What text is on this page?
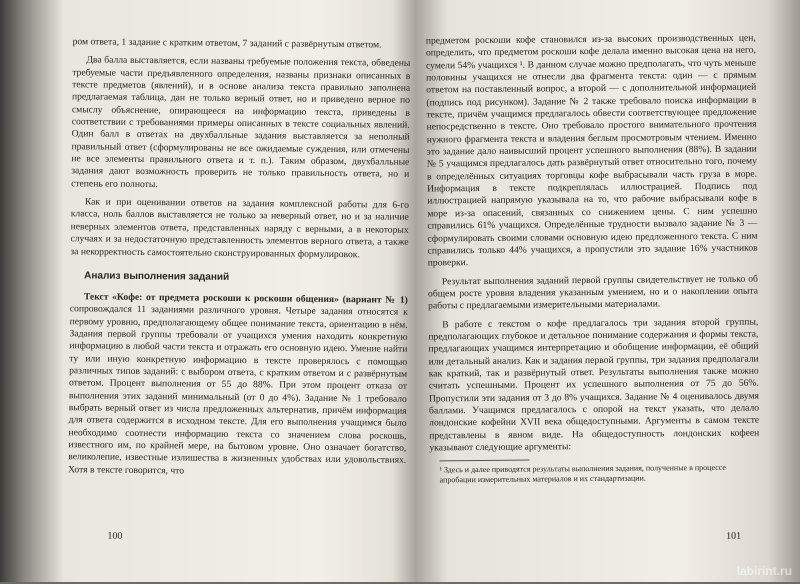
ром ответа, 1 задание с кратким ответом, 7 заданий с развёрнутым ответом.

Два балла выставляется, если названы требуемые положения текста, обведены требуемые части предъявленного определения, названы признаки описанных в тексте предметов (явлений), и в основе анализа текста правильно заполнена предлагаемая таблица, дан не только верный ответ, но и приведено верное по смыслу объяснение, опирающееся на информацию текста, приведены в соответствии с требованиями примеры описанных в тексте социальных явлений. Один балл в ответах на двухбалльные задания выставляется за неполный правильный ответ (сформулированы не все ожидаемые суждения, или отмечены не все элементы правильного ответа и т. п.). Таким образом, двухбалльные задания дают возможность проверить не только правильность ответа, но и степень его полноты.

Как и при оценивании ответов на задания комплексной работы для 6-го класса, ноль баллов выставляется не только за неверный ответ, но и за наличие неверных элементов ответа, представленных наряду с верными, а в некоторых случаях и за недостаточную представленность элементов верного ответа, а также за некорректность самостоятельно сконструированных формулировок.

Анализ выполнения заданий

Текст «Кофе: от предмета роскоши к роскоши общения» (вариант № 1) сопровождался 11 заданиями различного уровня. Четыре задания относятся к первому уровню, предполагающему общее понимание текста, ориентацию в нём. Задания первой группы требовали от учащихся умения находить конкретную информацию в любой части текста и отражать его основную идею. Умение найти ту или иную конкретную информацию в тексте проверялось с помощью различных типов заданий: с выбором ответа, с кратким ответом и с развёрнутым ответом. Процент выполнения от 55 до 88%. При этом процент отказа от выполнения этих заданий минимальный (от 0 до 4%). Задание № 1 требовало выбрать верный ответ из числа предложенных альтернатив, причём информация для ответа содержится в исходном тексте. Для его выполнения учащимся было необходимо соотнести информацию текста со значением слова роскошь, известного им, по крайней мере, на бытовом уровне. Оно означает богатство, великолепие, известные излишества в жизненных удобствах или удовольствиях. Хотя в тексте говорится, что

100

предметом роскоши кофе становился из-за высоких производственных цен, определить, что предметом роскоши кофе делала именно высокая цена на него, сумели 54% учащихся ¹. В данном случае можно предполагать, что чуть меньше половины учащихся не отнесли два фрагмента текста: один — с прямым ответом на поставленный вопрос, а второй — с дополнительной информацией (подпись под рисунком). Задание № 2 также требовало поиска информации в тексте, причём учащимся предлагалось обвести соответствующее предложение непосредственно в тексте. Оно требовало простого внимательного прочтения нужного фрагмента текста и владения беглым просмотровым чтением. Именно это задание дало наивысший процент успешного выполнения (88%). В задании № 5 учащимся предлагалось дать развёрнутый ответ относительно того, почему в определённых ситуациях торговцы кофе выбрасывали часть груза в море. Информация в тексте подкреплялась иллюстрацией. Подпись под иллюстрацией напрямую указывала на то, что рабочие выбрасывали кофе в море из-за опасений, связанных со снижением цены. С ним успешно справились 61% учащихся. Определённые трудности вызвало задание № 3 — сформулировать своими словами основную идею предложенного текста. С ним справились только 44% учащихся, а пропустили это задание 16% участников проверки.

Результат выполнения заданий первой группы свидетельствует не только об общем росте уровня владения указанным умением, но и о накоплении опыта работы с предлагаемыми измерительными материалами.

В работе с текстом о кофе предлагалось три задания второй группы, предполагающих глубокое и детальное понимание содержания и формы текста, предлагающих учащимся интерпретацию и обобщение информации, её общий или детальный анализ. Как и задания первой группы, три задания предполагали как краткий, так и развёрнутый ответ. Результаты выполнения также можно считать успешными. Процент их успешного выполнения от 75 до 56%. Пропустили эти задания от 3 до 8% учащихся. Задание № 4 оценивалось двумя баллами. Учащимся предлагалось с опорой на текст указать, что делало лондонские кофейни XVII века общедоступными. Аргументы в самом тексте представлены в явном виде. На общедоступность лондонских кофеен указывают следующие аргументы:

¹ Здесь и далее приводятся результаты выполнения задания, полученные в процессе апробации измерительных материалов и их стандартизации.

101
labirint.ru
